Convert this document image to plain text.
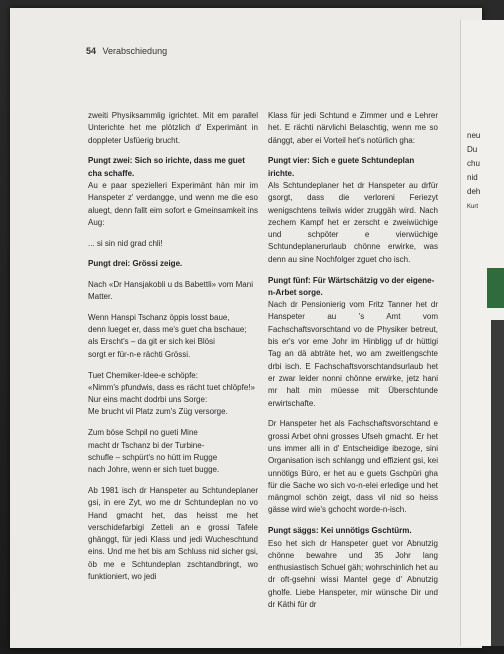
neu
Du
chu
nid
deh
Kurt
54 Verabschiedung

zweiti Physiksammlig igrichtet. Mit em parallel Unterichte het me plötzlich d' Experimänt in doppleter Usfüerig brucht.

Pungt zwei: Sich so irichte, dass me guet cha schaffe.

Au e paar spezielleri Experimänt hän mir im Hanspeter z' verdangge, und wenn me die eso aluegt, denn fallt eim sofort e Gmeinsamkeit ins Aug:

... si sin nid grad chli!

Pungt drei: Grössi zeige.

Nach «Dr Hansjakobli u ds Babettli» vom Mani Matter.

Wenn Hanspi Tschanz öppis losst baue,
denn lueget er, dass me's guet cha bschaue;
als Erscht's – da git er sich kei Blösi
sorgt er für-n-e rächti Grössi.
Tuet Chemiker-Idee-e schöpfe:
«Nimm's pfundwis, dass es rächt tuet chlöpfe!»
Nur eins macht dodrbi uns Sorge:
Me brucht vil Platz zum's Züg versorge.
Zum böse Schpil no gueti Mine
macht dr Tschanz bi der Turbine-
schufle – schpürt's no hütt im Rugge
nach Johre, wenn er sich tuet bugge.

Ab 1981 isch dr Hanspeter au Schtundeplaner gsi, in ere Zyt, wo me dr Schtundeplan no vo Hand gmacht het, das heisst me het verschidefarbigi Zetteli an e grossi Tafele ghänggt, für jedi Klass und jedi Wucheschtund eins. Und me het bis am Schluss nid sicher gsi, öb me e Schtundeplan zschtandbringt, wo funktioniert, wo jedi

Klass für jedi Schtund e Zimmer und e Lehrer het. E rächti närvlichi Belaschtig, wenn me so dänggt, aber ei Vorteil het's notürlich gha:

Pungt vier: Sich e guete Schtundeplan irichte.

Als Schtundeplaner het dr Hanspeter au drfür gsorgt, dass die verloreni Feriezyt wenigschtens teilwis wider zruggäh wird. Nach zechem Kampf het er zerscht e zweiwüchige und schpöter e vierwüchige Schtundeplanerurlaub chönne erwirke, was denn au sine Nochfolger zguet cho isch.

Pungt fünf: Für Wärtschätzig vo der eigene-n-Arbet sorge.

Nach dr Pensionierig vom Fritz Tanner het dr Hanspeter au 's Amt vom Fachschaftsvorschtand vo de Physiker betreut, bis er's vor eme Johr im Hinbligg uf dr hüttigi Tag an dä abträte het, wo am zweitlengschte drbi isch. E Fachschaftsvorschtandsurlaub het er zwar leider nonni chönne erwirke, jetz hani mr halt min müesse mit Überschtunde erwirtschafte.

Dr Hanspeter het als Fachschaftsvorschtand e grossi Arbet ohni grosses Ufseh gmacht. Er het uns immer alli in d' Entscheidige ibezoge, sini Organisation isch schlangg und effizient gsi, kei unnötigs Büro, er het au e guets Gschpüri gha für die Sache wo sich vo-n-elei erledige und het mängmol schön zeigt, dass vil nid so heiss gässe wird wie's gchocht worde-n-isch.

Pungt säggs: Kei unnötigs Gschtürm.

Eso het sich dr Hanspeter guet vor Abnutzig chönne bewahre und 35 Johr lang enthusiastisch Schuel gäh; wohrschinlich het au dr oft-gsehni wissi Mantel gege d' Abnutzig gholfe. Liebe Hanspeter, mir wünsche Dir und dr Käthi für dr
